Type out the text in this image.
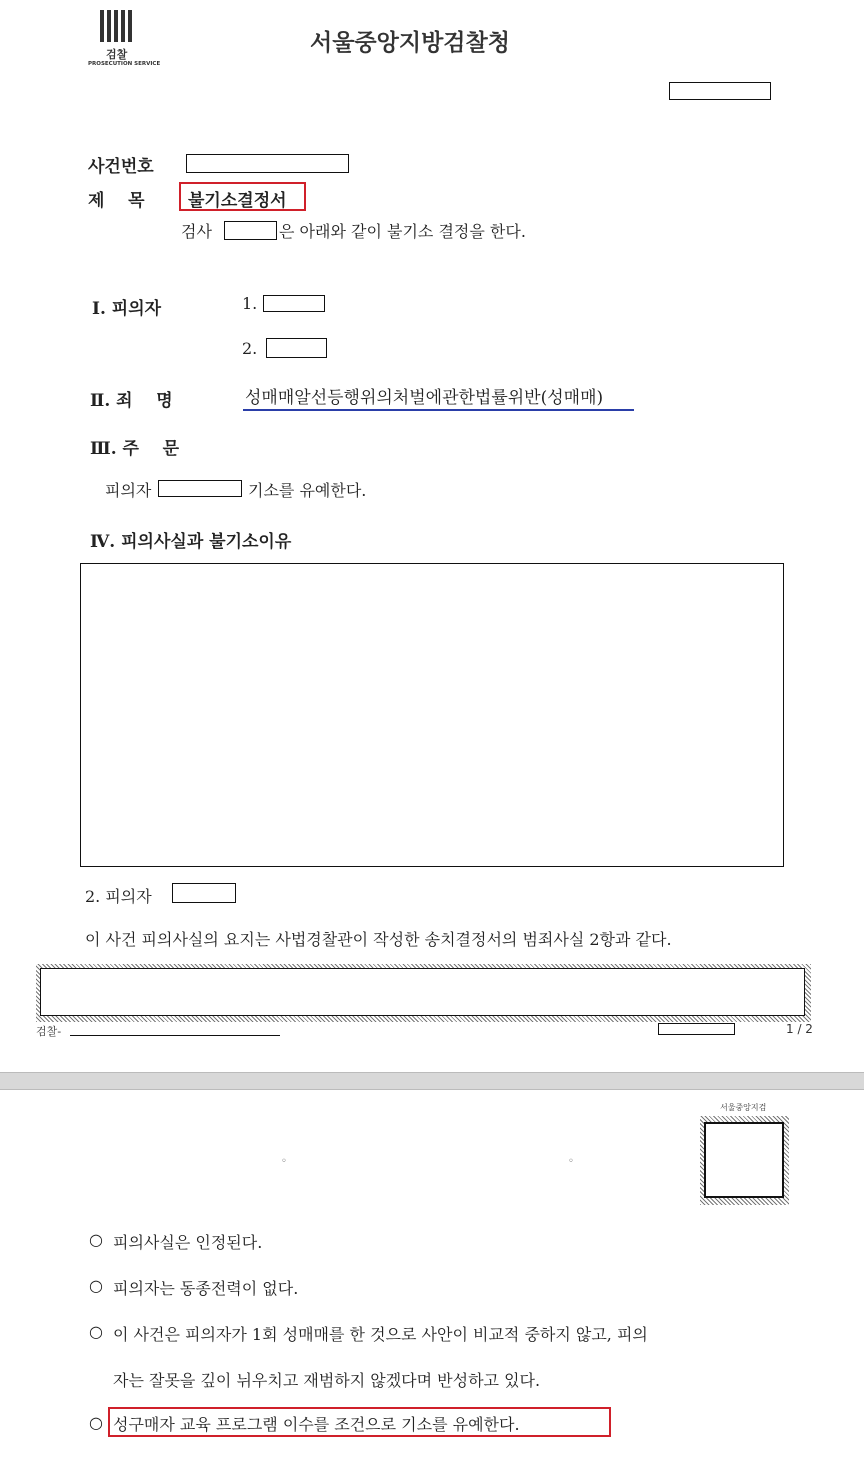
검찰
PROSECUTION SERVICE
서울중앙지방검찰청
사건번호
제    목	불기소결정서
검사	은 아래와 같이 불기소 결정을 한다.
Ⅰ. 피의자	1.
2.
Ⅱ. 죄    명	성매매알선등행위의처벌에관한법률위반(성매매)
Ⅲ. 주    문
피의자	기소를 유예한다.
Ⅳ. 피의사실과 불기소이유
2. 피의자
이 사건 피의사실의 요지는 사법경찰관이 작성한 송치결정서의 범죄사실 2항과 같다.
검찰-	1 / 2
서울중앙지검
◦	◦
○ 피의사실은 인정된다.
○ 피의자는 동종전력이 없다.
○ 이 사건은 피의자가 1회 성매매를 한 것으로 사안이 비교적 중하지 않고, 피의
자는 잘못을 깊이 뉘우치고 재범하지 않겠다며 반성하고 있다.
○ 성구매자 교육 프로그램 이수를 조건으로 기소를 유예한다.
